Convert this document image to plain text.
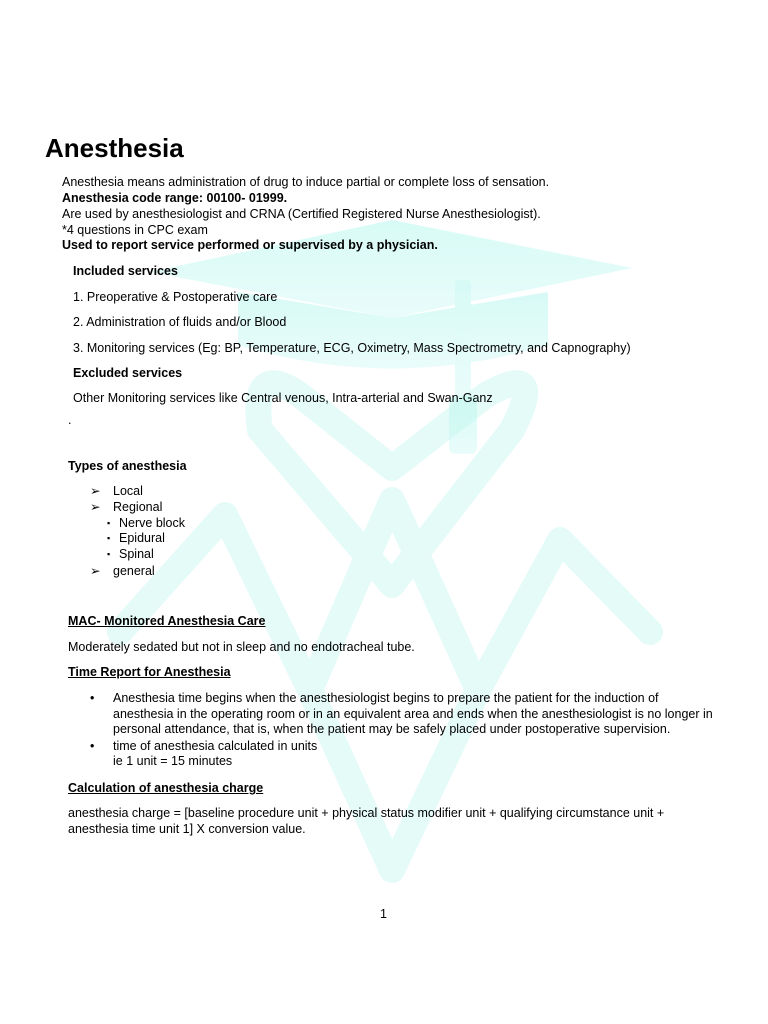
Anesthesia
Anesthesia means administration of drug to induce partial or complete loss of sensation.
Anesthesia code range: 00100- 01999.
Are used by anesthesiologist and CRNA (Certified Registered Nurse Anesthesiologist).
*4 questions in CPC exam
Used to report service performed or supervised by a physician.
Included services
1. Preoperative & Postoperative care
2. Administration of fluids and/or Blood
3. Monitoring services (Eg: BP, Temperature, ECG, Oximetry, Mass Spectrometry, and Capnography)
Excluded services
Other Monitoring services like Central venous, Intra-arterial and Swan-Ganz
.
Types of anesthesia
➢ Local
➢ Regional
▪ Nerve block
▪ Epidural
▪ Spinal
➢ general
MAC- Monitored Anesthesia Care
Moderately sedated but not in sleep and no endotracheal tube.
Time Report for Anesthesia
• Anesthesia time begins when the anesthesiologist begins to prepare the patient for the induction of
anesthesia in the operating room or in an equivalent area and ends when the anesthesiologist is no longer in
personal attendance, that is, when the patient may be safely placed under postoperative supervision.
• time of anesthesia calculated in units
ie 1 unit = 15 minutes
Calculation of anesthesia charge
anesthesia charge = [baseline procedure unit + physical status modifier unit + qualifying circumstance unit +
anesthesia time unit 1] X conversion value.
1
